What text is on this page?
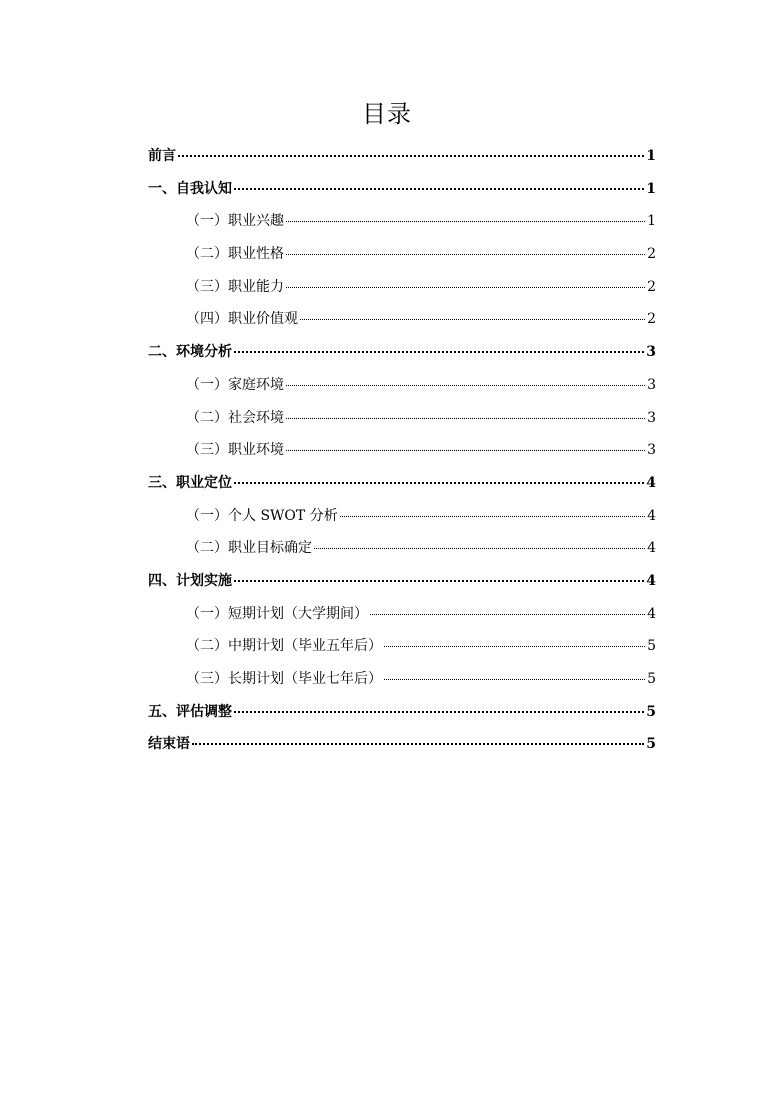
目录
前言	1
一、自我认知	1
（一）职业兴趣	1
（二）职业性格	2
（三）职业能力	2
（四）职业价值观	2
二、环境分析	3
（一）家庭环境	3
（二）社会环境	3
（三）职业环境	3
三、职业定位	4
（一）个人 SWOT 分析	4
（二）职业目标确定	4
四、计划实施	4
（一）短期计划（大学期间）	4
（二）中期计划（毕业五年后）	5
（三）长期计划（毕业七年后）	5
五、评估调整	5
结束语	5
